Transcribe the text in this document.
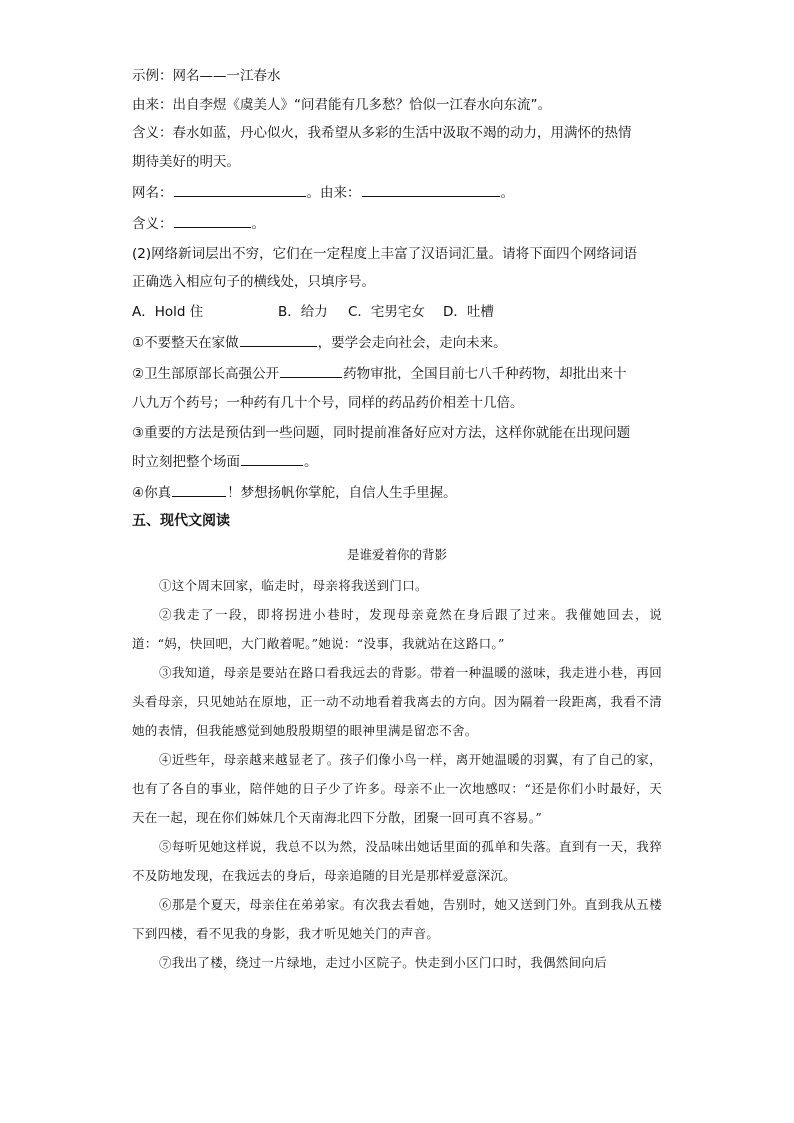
示例：网名——一江春水
由来：出自李煜《虞美人》“问君能有几多愁？恰似一江春水向东流”。
含义：春水如蓝，丹心似火，我希望从多彩的生活中汲取不竭的动力，用满怀的热情
期待美好的明天。
网名：	。由来：	。
含义：	。
(2)网络新词层出不穷，它们在一定程度上丰富了汉语词汇量。请将下面四个网络词语
正确选入相应句子的横线处，只填序号。
A．Hold 住	B．给力 C．宅男宅女 D．吐槽
①不要整天在家做	，要学会走向社会，走向未来。
②卫生部原部长高强公开	药物审批，全国目前七八千种药物，却批出来十
八九万个药号；一种药有几十个号，同样的药品药价相差十几倍。
③重要的方法是预估到一些问题，同时提前准备好应对方法，这样你就能在出现问题
时立刻把整个场面	。
④你真	！梦想扬帆你掌舵，自信人生手里握。
五、现代文阅读
是谁爱着你的背影

①这个周末回家，临走时，母亲将我送到门口。

②我走了一段，即将拐进小巷时，发现母亲竟然在身后跟了过来。我催她回去，说道：“妈，快回吧，大门敞着呢。”她说：“没事，我就站在这路口。”

③我知道，母亲是要站在路口看我远去的背影。带着一种温暖的滋味，我走进小巷，再回头看母亲，只见她站在原地，正一动不动地看着我离去的方向。因为隔着一段距离，我看不清她的表情，但我能感觉到她殷殷期望的眼神里满是留恋不舍。

④近些年，母亲越来越显老了。孩子们像小鸟一样，离开她温暖的羽翼，有了自己的家，也有了各自的事业，陪伴她的日子少了许多。母亲不止一次地感叹：“还是你们小时最好，天天在一起，现在你们姊妹几个天南海北四下分散，团聚一回可真不容易。”

⑤每听见她这样说，我总不以为然，没品味出她话里面的孤单和失落。直到有一天，我猝不及防地发现，在我远去的身后，母亲追随的目光是那样爱意深沉。

⑥那是个夏天，母亲住在弟弟家。有次我去看她，告别时，她又送到门外。直到我从五楼下到四楼，看不见我的身影，我才听见她关门的声音。

⑦我出了楼，绕过一片绿地，走过小区院子。快走到小区门口时，我偶然间向后
